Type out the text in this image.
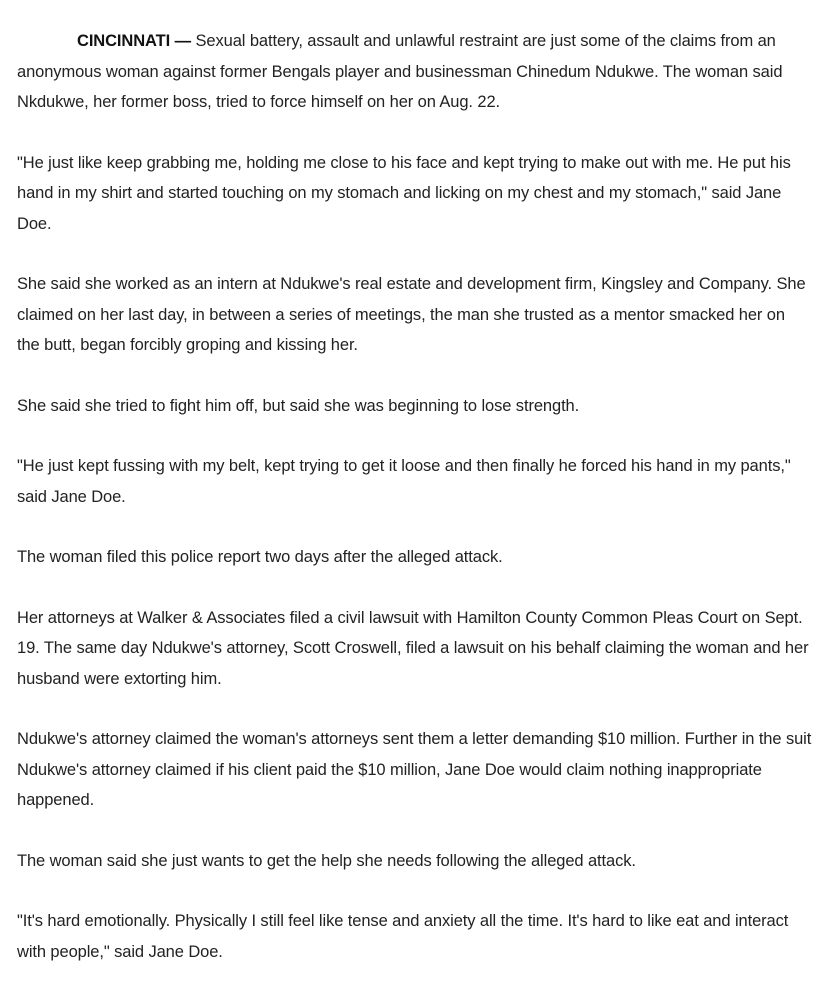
CINCINNATI — Sexual battery, assault and unlawful restraint are just some of the claims from an anonymous woman against former Bengals player and businessman Chinedum Ndukwe. The woman said Nkdukwe, her former boss, tried to force himself on her on Aug. 22.

"He just like keep grabbing me, holding me close to his face and kept trying to make out with me. He put his hand in my shirt and started touching on my stomach and licking on my chest and my stomach," said Jane Doe.

She said she worked as an intern at Ndukwe's real estate and development firm, Kingsley and Company. She claimed on her last day, in between a series of meetings, the man she trusted as a mentor smacked her on the butt, began forcibly groping and kissing her.

She said she tried to fight him off, but said she was beginning to lose strength.

"He just kept fussing with my belt, kept trying to get it loose and then finally he forced his hand in my pants," said Jane Doe.

The woman filed this police report two days after the alleged attack.

Her attorneys at Walker & Associates filed a civil lawsuit with Hamilton County Common Pleas Court on Sept. 19. The same day Ndukwe's attorney, Scott Croswell, filed a lawsuit on his behalf claiming the woman and her husband were extorting him.

Ndukwe's attorney claimed the woman's attorneys sent them a letter demanding $10 million. Further in the suit Ndukwe's attorney claimed if his client paid the $10 million, Jane Doe would claim nothing inappropriate happened.

The woman said she just wants to get the help she needs following the alleged attack.

"It's hard emotionally. Physically I still feel like tense and anxiety all the time. It's hard to like eat and interact with people," said Jane Doe.
